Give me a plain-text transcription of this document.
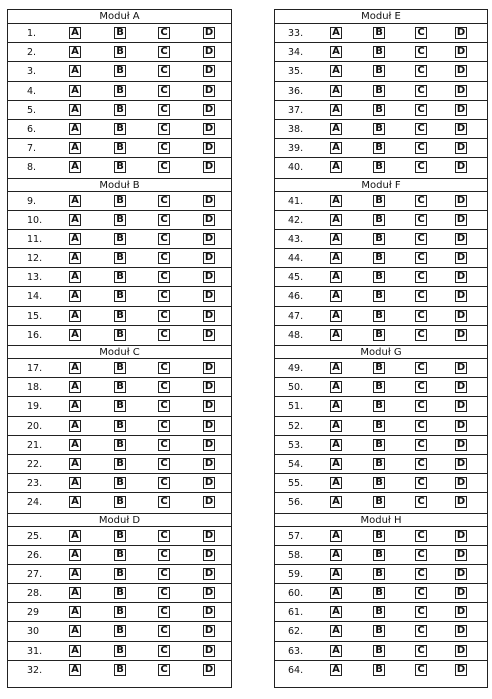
Moduł A
1.	A	B	C	D
2.	A	B	C	D
3.	A	B	C	D
4.	A	B	C	D
5.	A	B	C	D
6.	A	B	C	D
7.	A	B	C	D
8.	A	B	C	D
Moduł B
9.	A	B	C	D
10.	A	B	C	D
11.	A	B	C	D
12.	A	B	C	D
13.	A	B	C	D
14.	A	B	C	D
15.	A	B	C	D
16.	A	B	C	D
Moduł C
17.	A	B	C	D
18.	A	B	C	D
19.	A	B	C	D
20.	A	B	C	D
21.	A	B	C	D
22.	A	B	C	D
23.	A	B	C	D
24.	A	B	C	D
Moduł D
25.	A	B	C	D
26.	A	B	C	D
27.	A	B	C	D
28.	A	B	C	D
29	A	B	C	D
30	A	B	C	D
31.	A	B	C	D
32.	A	B	C	D
Moduł E
33.	A	B	C	D
34.	A	B	C	D
35.	A	B	C	D
36.	A	B	C	D
37.	A	B	C	D
38.	A	B	C	D
39.	A	B	C	D
40.	A	B	C	D
Moduł F
41.	A	B	C	D
42.	A	B	C	D
43.	A	B	C	D
44.	A	B	C	D
45.	A	B	C	D
46.	A	B	C	D
47.	A	B	C	D
48.	A	B	C	D
Moduł G
49.	A	B	C	D
50.	A	B	C	D
51.	A	B	C	D
52.	A	B	C	D
53.	A	B	C	D
54.	A	B	C	D
55.	A	B	C	D
56.	A	B	C	D
Moduł H
57.	A	B	C	D
58.	A	B	C	D
59.	A	B	C	D
60.	A	B	C	D
61.	A	B	C	D
62.	A	B	C	D
63.	A	B	C	D
64.	A	B	C	D
